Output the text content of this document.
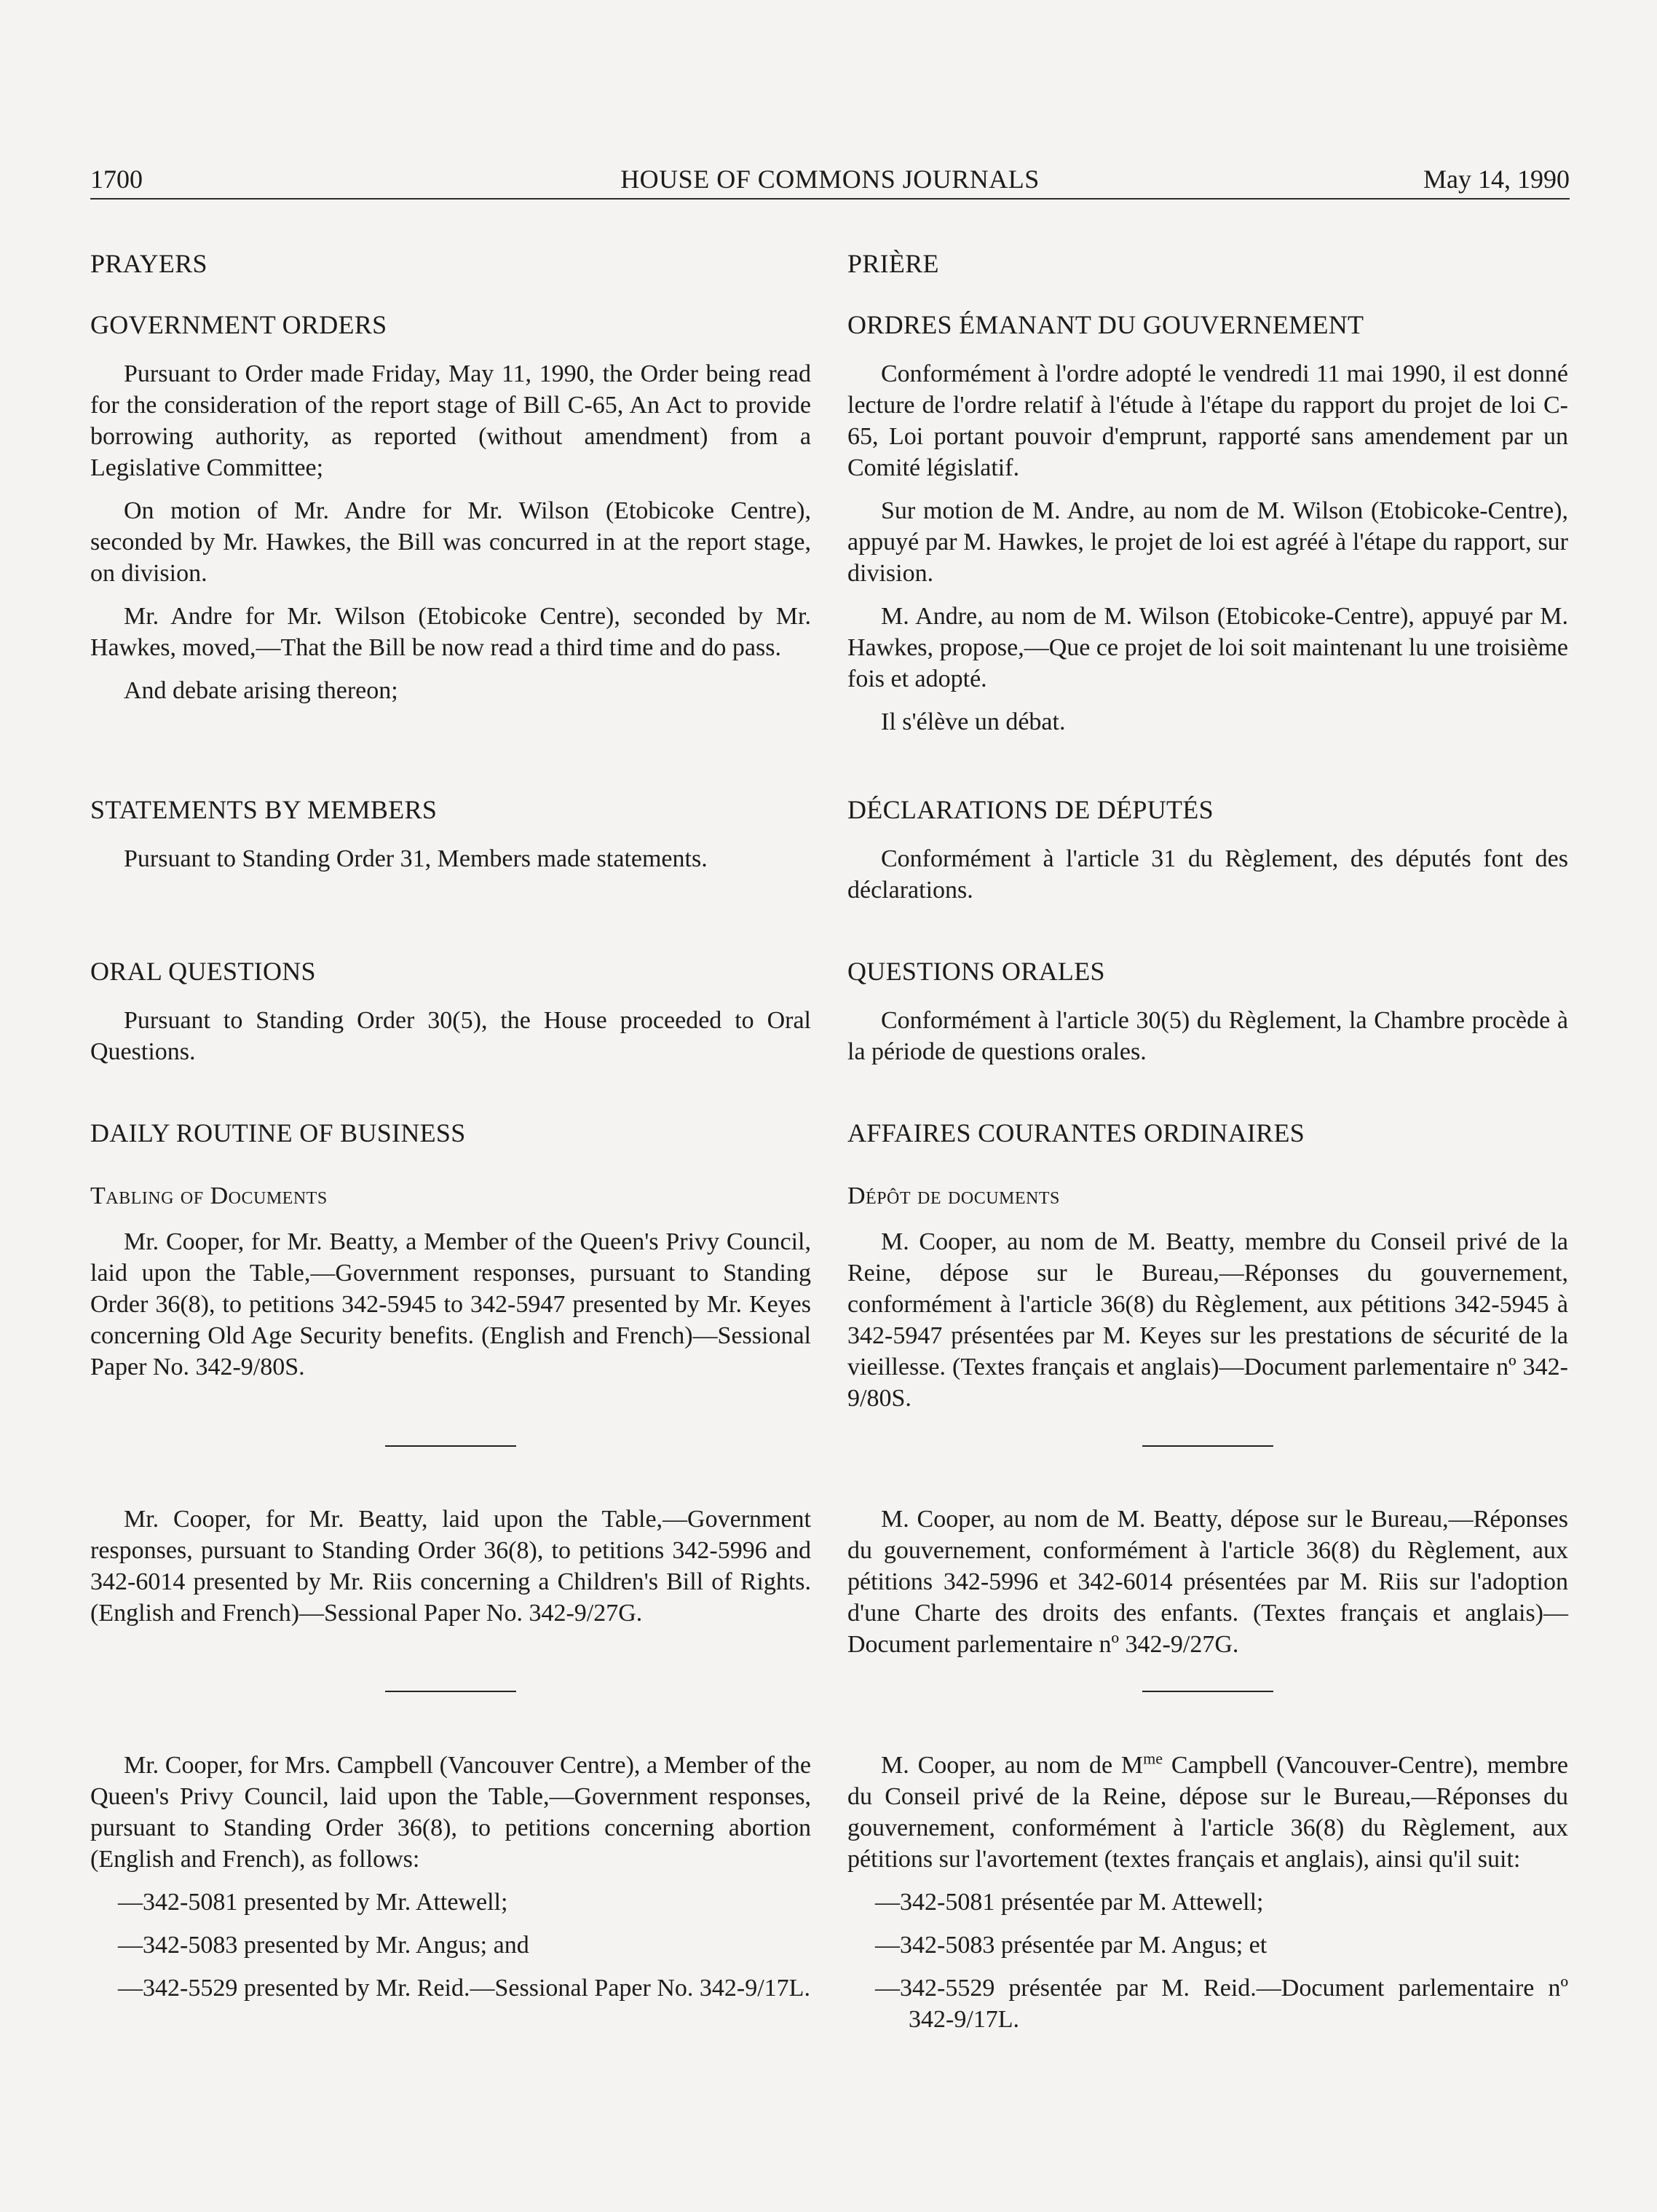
1700	HOUSE OF COMMONS JOURNALS	May 14, 1990
PRAYERS
GOVERNMENT ORDERS

Pursuant to Order made Friday, May 11, 1990, the Order being read for the consideration of the report stage of Bill C-65, An Act to provide borrowing authority, as reported (without amendment) from a Legislative Committee;

On motion of Mr. Andre for Mr. Wilson (Etobicoke Centre), seconded by Mr. Hawkes, the Bill was concurred in at the report stage, on division.

Mr. Andre for Mr. Wilson (Etobicoke Centre), seconded by Mr. Hawkes, moved,—That the Bill be now read a third time and do pass.

And debate arising thereon;

STATEMENTS BY MEMBERS

Pursuant to Standing Order 31, Members made statements.

ORAL QUESTIONS

Pursuant to Standing Order 30(5), the House proceeded to Oral Questions.

DAILY ROUTINE OF BUSINESS
Tabling of Documents

Mr. Cooper, for Mr. Beatty, a Member of the Queen's Privy Council, laid upon the Table,—Government responses, pursuant to Standing Order 36(8), to petitions 342-5945 to 342-5947 presented by Mr. Keyes concerning Old Age Security benefits. (English and French)—Sessional Paper No. 342-9/80S.

Mr. Cooper, for Mr. Beatty, laid upon the Table,—Government responses, pursuant to Standing Order 36(8), to petitions 342-5996 and 342-6014 presented by Mr. Riis concerning a Children's Bill of Rights. (English and French)—Sessional Paper No. 342-9/27G.

Mr. Cooper, for Mrs. Campbell (Vancouver Centre), a Member of the Queen's Privy Council, laid upon the Table,—Government responses, pursuant to Standing Order 36(8), to petitions concerning abortion (English and French), as follows:

—342-5081 presented by Mr. Attewell;

—342-5083 presented by Mr. Angus; and

—342-5529 presented by Mr. Reid.—Sessional Paper No. 342-9/17L.

PRIÈRE
ORDRES ÉMANANT DU GOUVERNEMENT

Conformément à l'ordre adopté le vendredi 11 mai 1990, il est donné lecture de l'ordre relatif à l'étude à l'étape du rapport du projet de loi C-65, Loi portant pouvoir d'emprunt, rapporté sans amendement par un Comité législatif.

Sur motion de M. Andre, au nom de M. Wilson (Etobicoke-Centre), appuyé par M. Hawkes, le projet de loi est agréé à l'étape du rapport, sur division.

M. Andre, au nom de M. Wilson (Etobicoke-Centre), appuyé par M. Hawkes, propose,—Que ce projet de loi soit maintenant lu une troisième fois et adopté.

Il s'élève un débat.

DÉCLARATIONS DE DÉPUTÉS

Conformément à l'article 31 du Règlement, des députés font des déclarations.

QUESTIONS ORALES

Conformément à l'article 30(5) du Règlement, la Chambre procède à la période de questions orales.

AFFAIRES COURANTES ORDINAIRES
Dépôt de documents

M. Cooper, au nom de M. Beatty, membre du Conseil privé de la Reine, dépose sur le Bureau,—Réponses du gouvernement, conformément à l'article 36(8) du Règlement, aux pétitions 342-5945 à 342-5947 présentées par M. Keyes sur les prestations de sécurité de la vieillesse. (Textes français et anglais)—Document parlementaire nº 342-9/80S.

M. Cooper, au nom de M. Beatty, dépose sur le Bureau,—Réponses du gouvernement, conformément à l'article 36(8) du Règlement, aux pétitions 342-5996 et 342-6014 présentées par M. Riis sur l'adoption d'une Charte des droits des enfants. (Textes français et anglais)—Document parlementaire nº 342-9/27G.

M. Cooper, au nom de $M^{me}$ Campbell (Vancouver-Centre), membre du Conseil privé de la Reine, dépose sur le Bureau,—Réponses du gouvernement, conformément à l'article 36(8) du Règlement, aux pétitions sur l'avortement (textes français et anglais), ainsi qu'il suit:

—342-5081 présentée par M. Attewell;

—342-5083 présentée par M. Angus; et

—342-5529 présentée par M. Reid.—Document parlementaire nº 342-9/17L.
